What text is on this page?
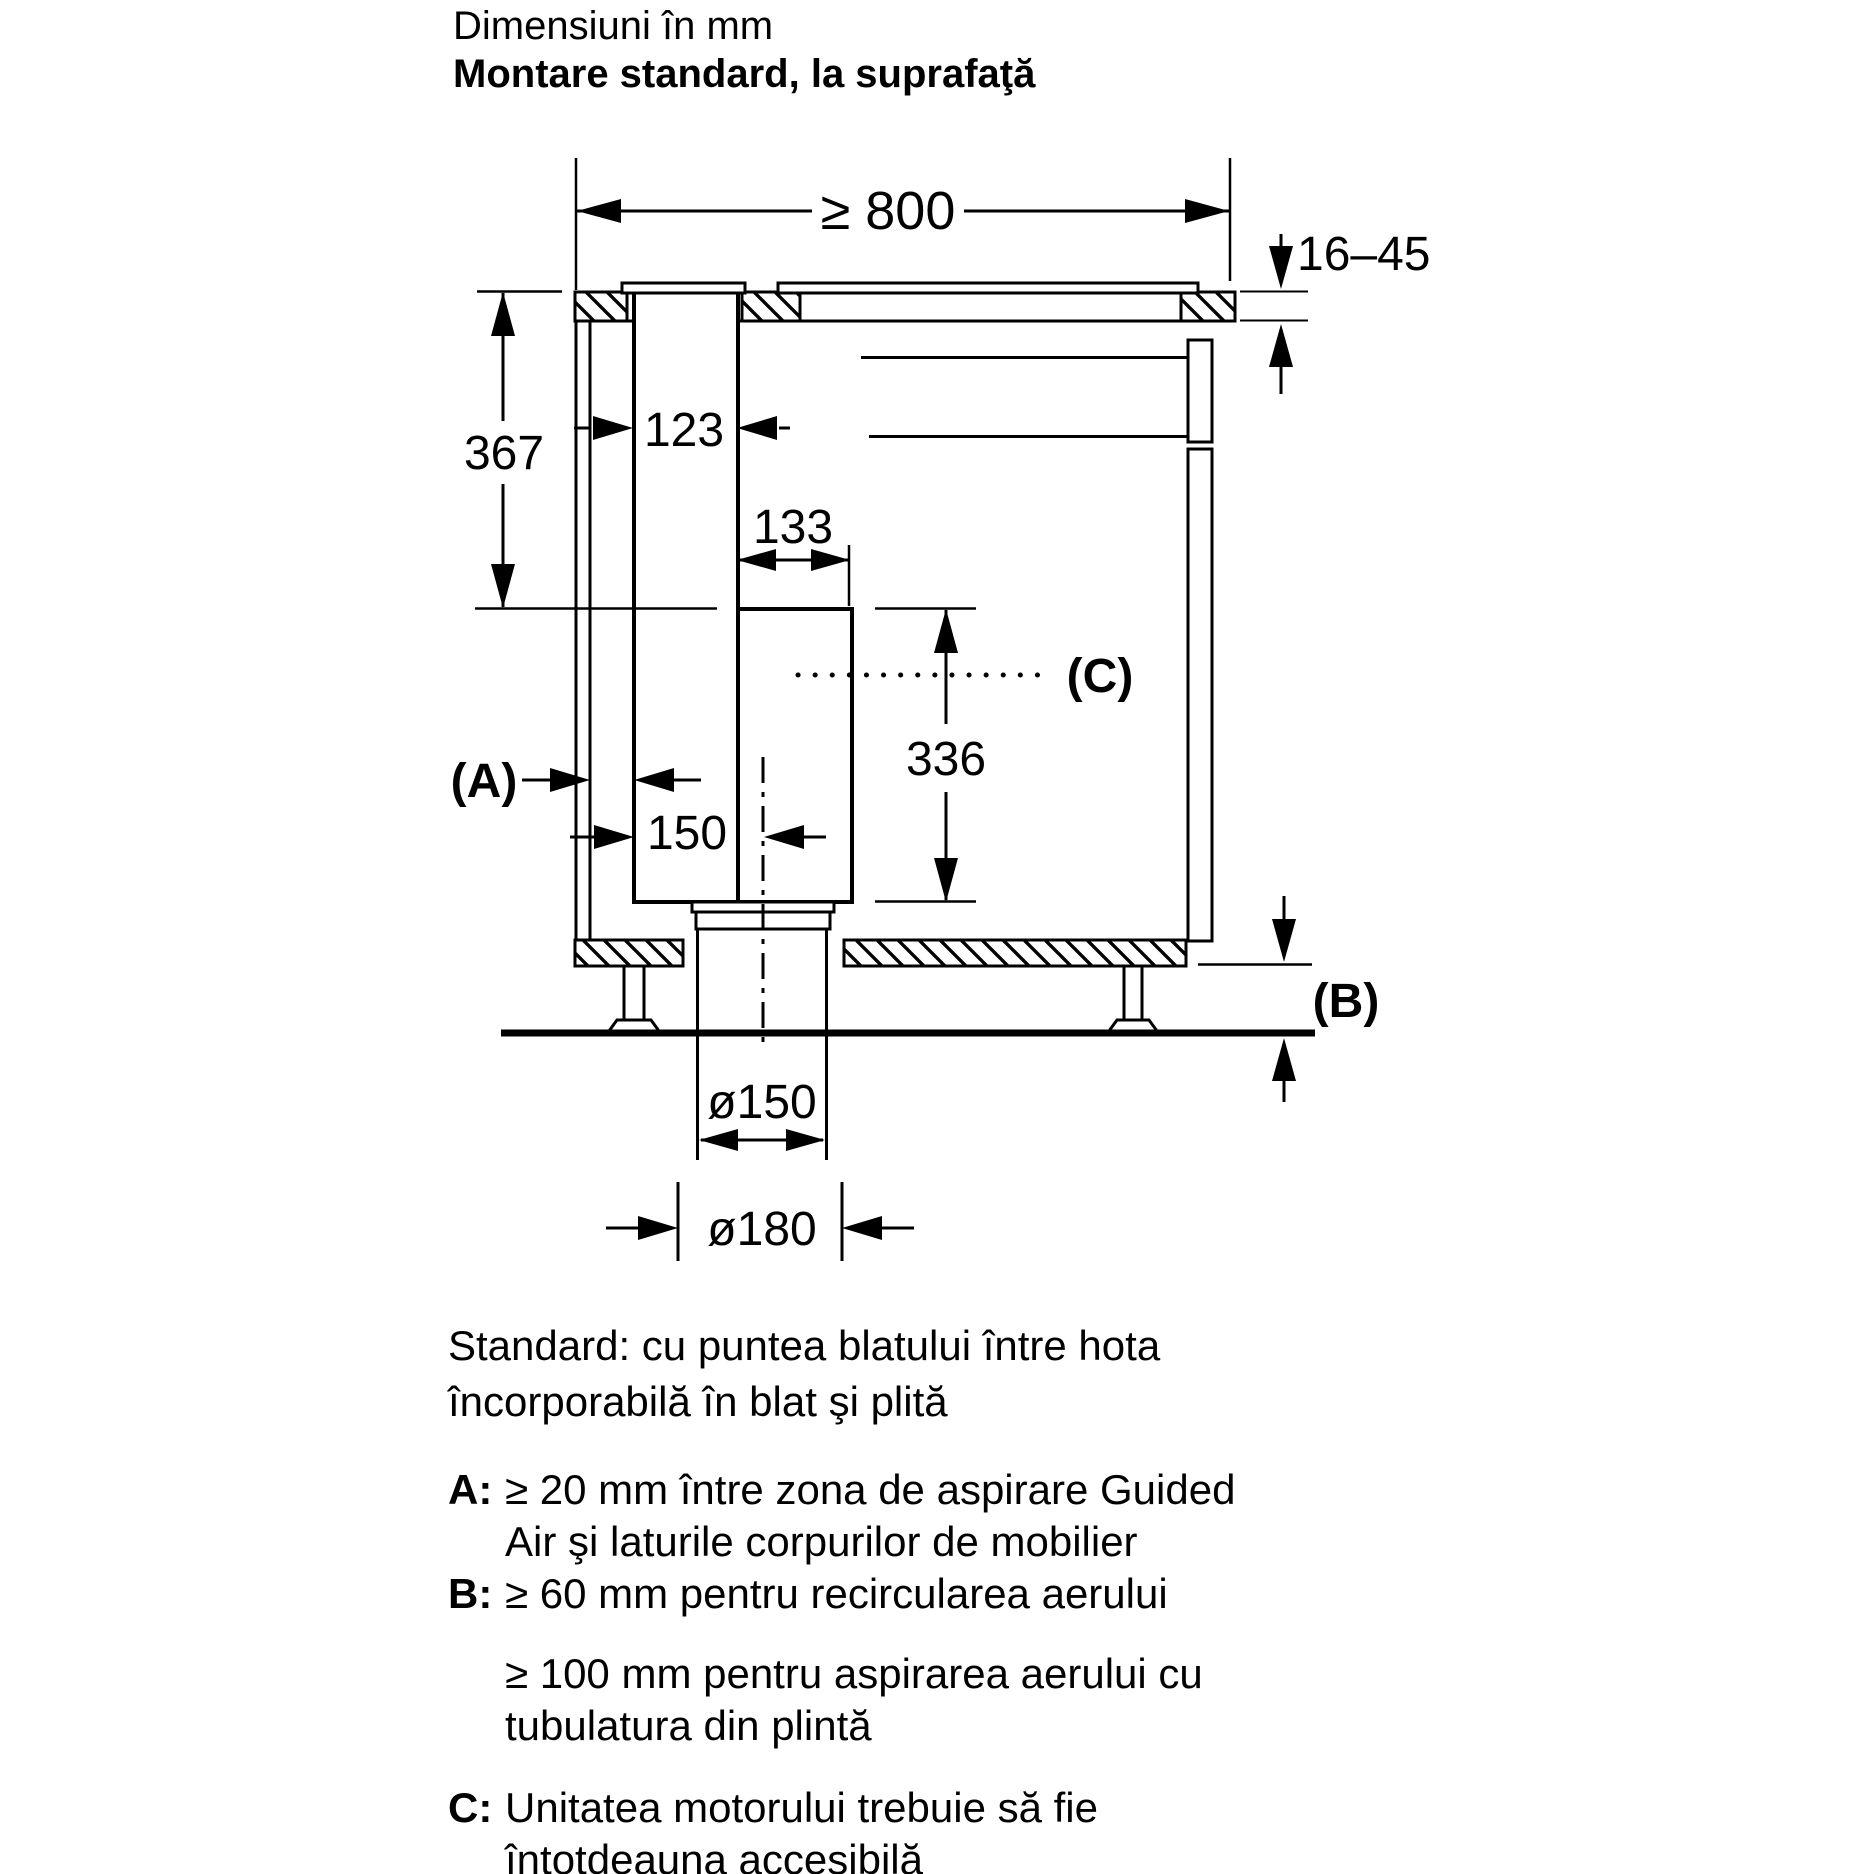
Dimensiuni în mm
Montare standard, la suprafaţă
≥ 800
16–45
367 123
133
(A)
150
336
(C)
(B)
ø150
ø180
Standard: cu puntea blatului între hota
încorporabilă în blat şi plită
A: ≥ 20 mm între zona de aspirare Guided
Air şi laturile corpurilor de mobilier
B: ≥ 60 mm pentru recircularea aerului
≥ 100 mm pentru aspirarea aerului cu
tubulatura din plintă
C: Unitatea motorului trebuie să fie
întotdeauna accesibilă
